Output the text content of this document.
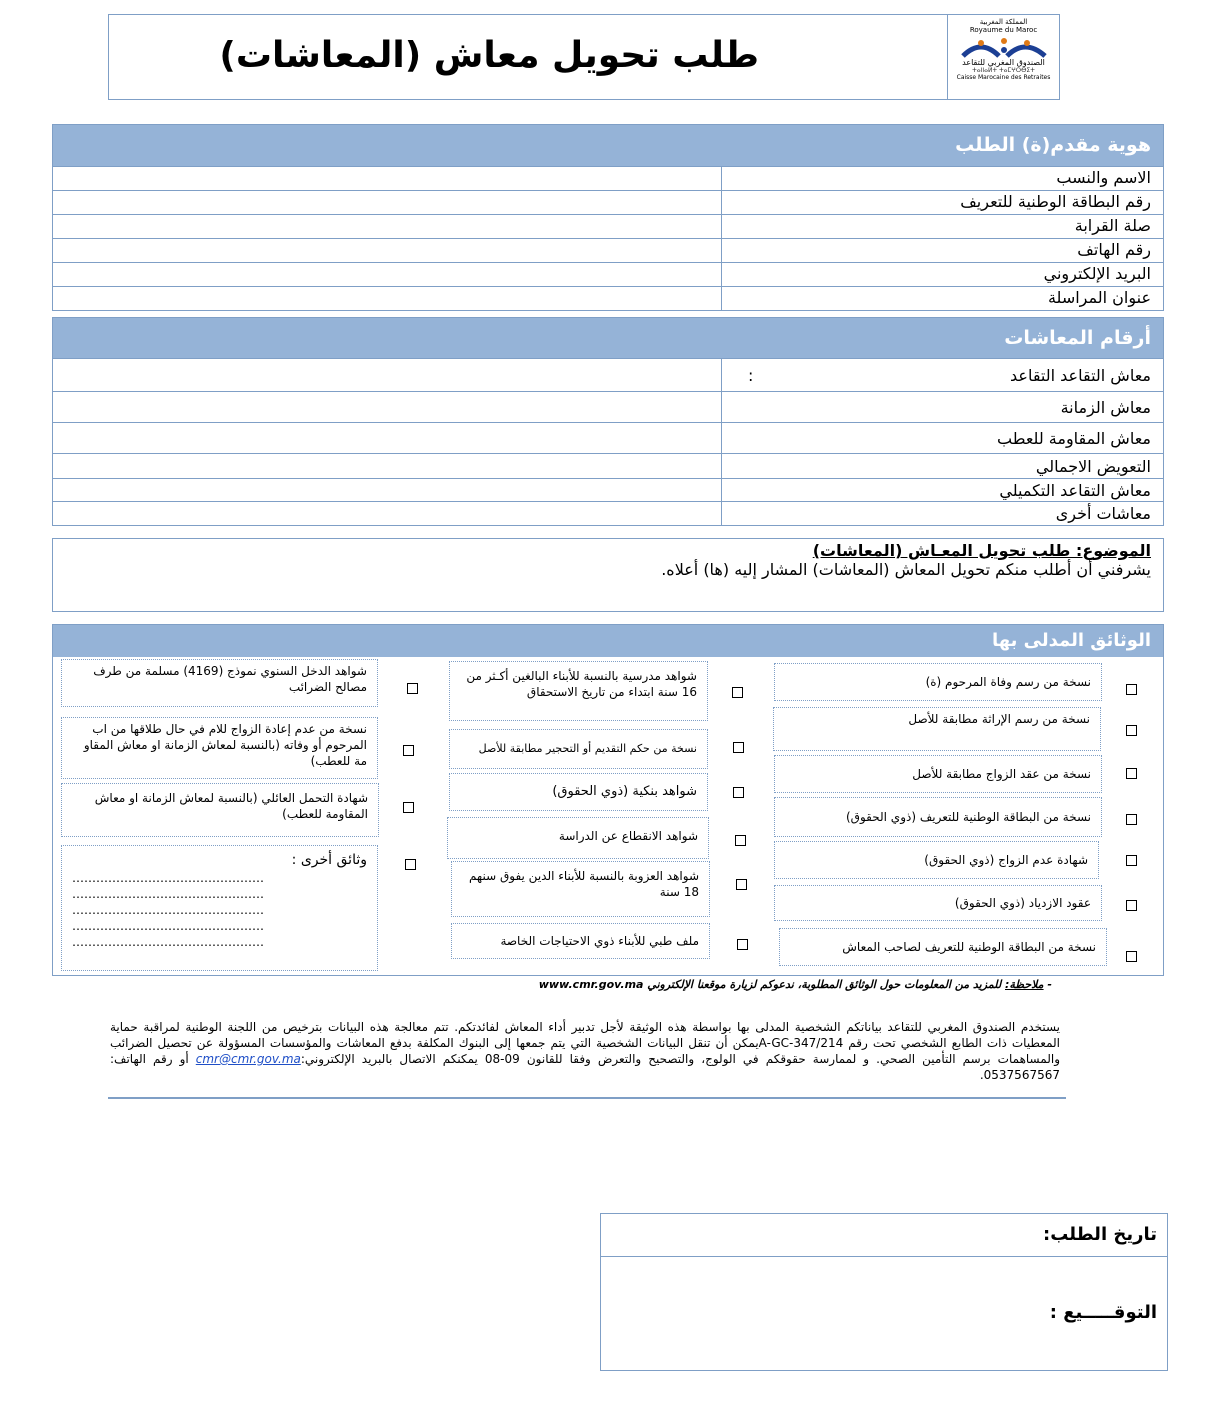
طلب تحويل معاش (المعاشات)
المملكة المغربية
Royaume du Maroc
الصندوق المغربي للتقاعد
ⵜⴰⵏⵏⴰⵍⵜ ⵜⴰⵎⵖⵔⴱⵉⵜ
Caisse Marocaine des Retraites
هوية مقدم(ة) الطلب
الاسم والنسب
رقم البطاقة الوطنية للتعريف
صلة القرابة
رقم الهاتف
البريد الإلكتروني
عنوان المراسلة
أرقام المعاشات
معاش التقاعد التقاعد
:
معاش الزمانة
معاش المقاومة للعطب
التعويض الاجمالي
معاش التقاعد التكميلي
معاشات أخرى
الموضوع: طلب تحويل المعـاش (المعاشات)
يشرفني أن أطلب منكم تحويل المعاش (المعاشات) المشار إليه (ها) أعلاه.
الوثائق المدلى بها
نسخة من رسم وفاة المرحوم (ة)
نسخة من رسم الإراثة مطابقة للأصل
نسخة من عقد الزواج مطابقة للأصل
نسخة من البطاقة الوطنية للتعريف (ذوي الحقوق)
شهادة عدم الزواج (ذوي الحقوق)
عقود الازدياد (ذوي الحقوق)
نسخة من البطاقة الوطنية للتعريف لصاحب المعاش
شواهد مدرسية بالنسبة للأبناء البالغين أكـثر من 16 سنة ابتداء من تاريخ الاستحقاق
نسخة من حكم التقديم أو التحجير مطابقة للأصل
شواهد بنكية (ذوي الحقوق)
شواهد الانقطاع عن الدراسة
شواهد العزوبة بالنسبة للأبناء الدين يفوق سنهم 18 سنة
ملف طبي للأبناء ذوي الاحتياجات الخاصة
شواهد الدخل السنوي نموذج (4169) مسلمة من طرف مصالح الضرائب
نسخة من عدم إعادة الزواج للام في حال طلاقها من اب المرحوم أو وفاته (بالنسبة لمعاش الزمانة او معاش المقاو مة للعطب)
شهادة التحمل العائلي (بالنسبة لمعاش الزمانة او معاش المقاومة للعطب)
وثائق أخرى :
…………………………………………
…………………………………………
…………………………………………
…………………………………………
…………………………………………
- ملاحظة: للمزيد من المعلومات حول الوثائق المطلوبة، ندعوكم لزيارة موقعنا الإلكتروني www.cmr.gov.ma
يستخدم الصندوق المغربي للتقاعد بياناتكم الشخصية المدلى بها بواسطة هذه الوثيقة لأجل تدبير أداء المعاش لفائدتكم. تتم معالجة هذه البيانات بترخيص من اللجنة الوطنية لمراقبة حماية المعطيات ذات الطابع الشخصي تحت رقم A-GC-347/214يمكن أن تنقل البيانات الشخصية التي يتم جمعها إلى البنوك المكلفة بدفع المعاشات والمؤسسات المسؤولة عن تحصيل الضرائب والمساهمات برسم التأمين الصحي. و لممارسة حقوقكم في الولوج، والتصحيح والتعرض وفقا للقانون 09-08 يمكنكم الاتصال بالبريد الإلكتروني:cmr@cmr.gov.ma أو رقم الهاتف: 0537567567.
تاريخ الطلب:
التوقـــــيع :
